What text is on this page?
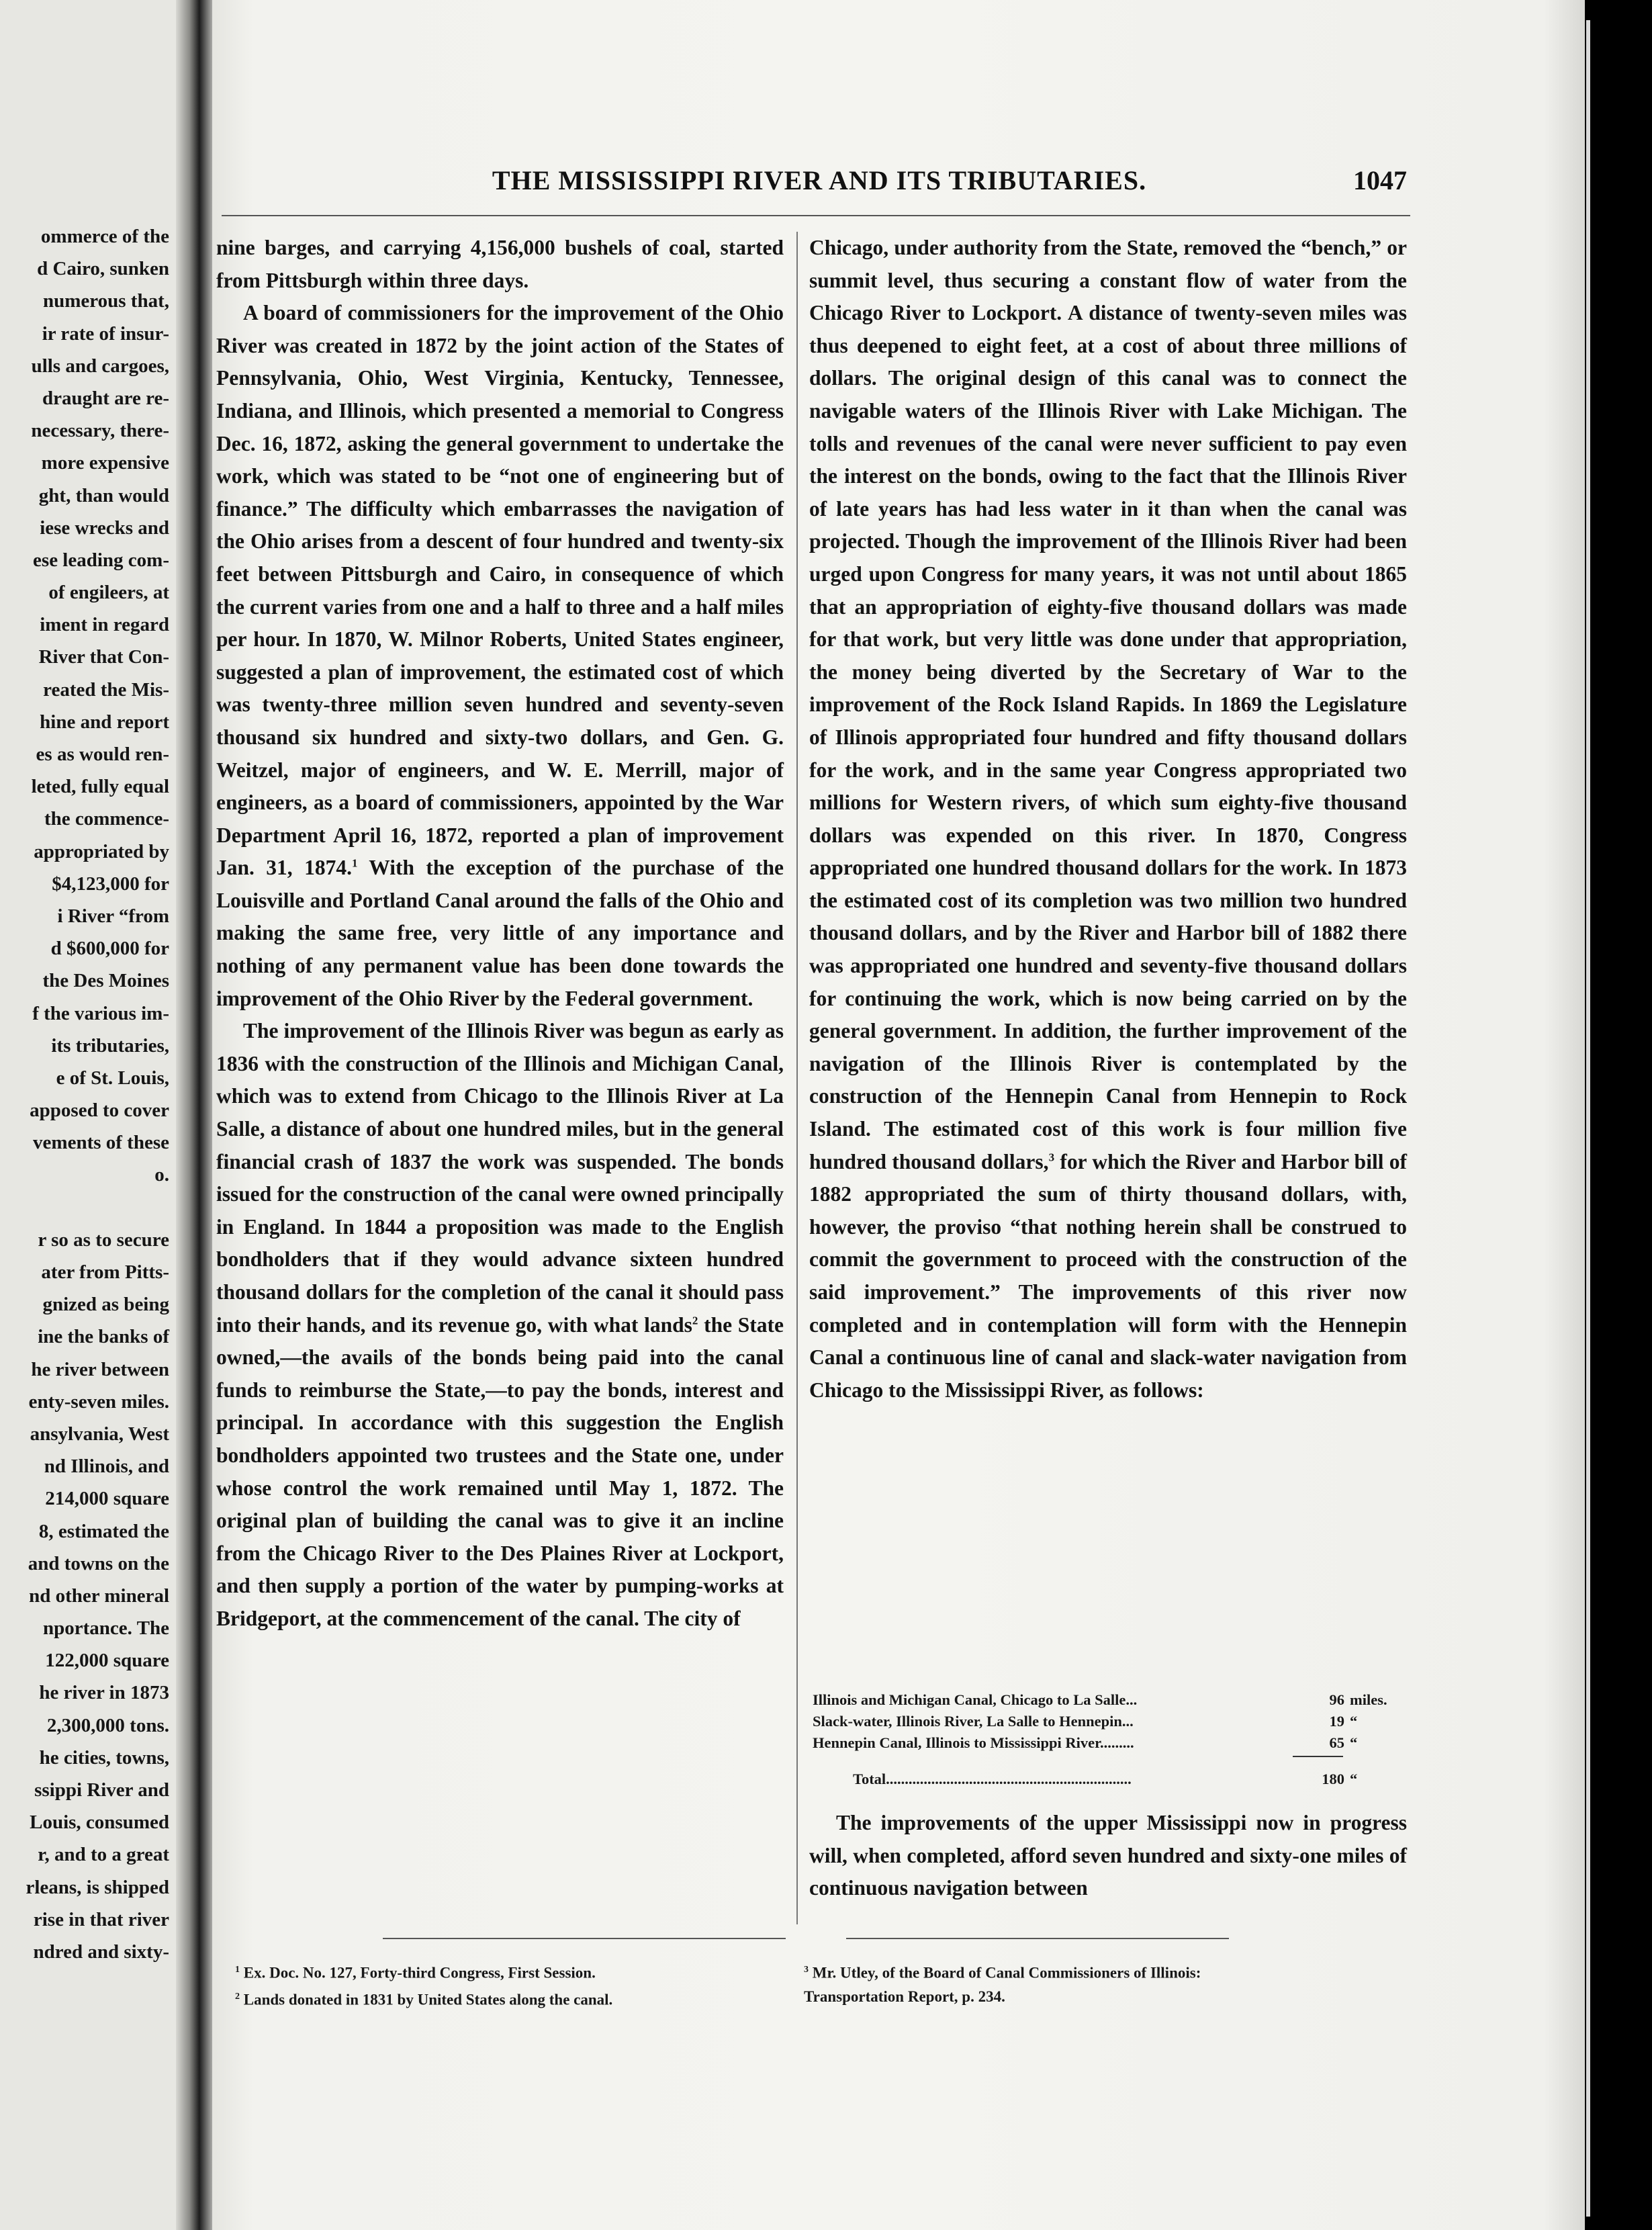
ommerce of the
d Cairo, sunken
numerous that,
ir rate of insur-
ulls and cargoes,
draught are re-
necessary, there-
more expensive
ght, than would
iese wrecks and
ese leading com-
of engileers, at
iment in regard
River that Con-
reated the Mis-
hine and report
es as would ren-
leted, fully equal
the commence-
appropriated by
$4,123,000 for
i River “from
d $600,000 for
the Des Moines
f the various im-
its tributaries,
e of St. Louis,
apposed to cover
vements of these
o.
r so as to secure
ater from Pitts-
gnized as being
ine the banks of
he river between
enty-seven miles.
ansylvania, West
nd Illinois, and
214,000 square
8, estimated the
and towns on the
nd other mineral
nportance. The
122,000 square
he river in 1873
2,300,000 tons.
he cities, towns,
ssippi River and
Louis, consumed
r, and to a great
rleans, is shipped
rise in that river
ndred and sixty-
THE MISSISSIPPI RIVER AND ITS TRIBUTARIES.	1047

nine barges, and carrying 4,156,000 bushels of coal, started from Pittsburgh within three days.

A board of commissioners for the improvement of the Ohio River was created in 1872 by the joint action of the States of Pennsylvania, Ohio, West Virginia, Kentucky, Tennessee, Indiana, and Illinois, which presented a memorial to Congress Dec. 16, 1872, asking the general government to undertake the work, which was stated to be “not one of engineering but of finance.” The difficulty which embarrasses the navigation of the Ohio arises from a descent of four hundred and twenty-six feet between Pittsburgh and Cairo, in consequence of which the current varies from one and a half to three and a half miles per hour. In 1870, W. Milnor Roberts, United States engineer, suggested a plan of improvement, the estimated cost of which was twenty-three million seven hundred and seventy-seven thousand six hundred and sixty-two dollars, and Gen. G. Weitzel, major of engineers, and W. E. Merrill, major of engineers, as a board of commissioners, appointed by the War Department April 16, 1872, reported a plan of improvement Jan. 31, 1874.$^1$ With the exception of the purchase of the Louisville and Portland Canal around the falls of the Ohio and making the same free, very little of any importance and nothing of any permanent value has been done towards the improvement of the Ohio River by the Federal government.

The improvement of the Illinois River was begun as early as 1836 with the construction of the Illinois and Michigan Canal, which was to extend from Chicago to the Illinois River at La Salle, a distance of about one hundred miles, but in the general financial crash of 1837 the work was suspended. The bonds issued for the construction of the canal were owned principally in England. In 1844 a proposition was made to the English bondholders that if they would advance sixteen hundred thousand dollars for the completion of the canal it should pass into their hands, and its revenue go, with what lands$^2$ the State owned,—the avails of the bonds being paid into the canal funds to reimburse the State,—to pay the bonds, interest and principal. In accordance with this suggestion the English bondholders appointed two trustees and the State one, under whose control the work remained until May 1, 1872. The original plan of building the canal was to give it an incline from the Chicago River to the Des Plaines River at Lockport, and then supply a portion of the water by pumping-works at Bridgeport, at the commencement of the canal. The city of

Chicago, under authority from the State, removed the “bench,” or summit level, thus securing a constant flow of water from the Chicago River to Lockport. A distance of twenty-seven miles was thus deepened to eight feet, at a cost of about three millions of dollars. The original design of this canal was to connect the navigable waters of the Illinois River with Lake Michigan. The tolls and revenues of the canal were never sufficient to pay even the interest on the bonds, owing to the fact that the Illinois River of late years has had less water in it than when the canal was projected. Though the improvement of the Illinois River had been urged upon Congress for many years, it was not until about 1865 that an appropriation of eighty-five thousand dollars was made for that work, but very little was done under that appropriation, the money being diverted by the Secretary of War to the improvement of the Rock Island Rapids. In 1869 the Legislature of Illinois appropriated four hundred and fifty thousand dollars for the work, and in the same year Congress appropriated two millions for Western rivers, of which sum eighty-five thousand dollars was expended on this river. In 1870, Congress appropriated one hundred thousand dollars for the work. In 1873 the estimated cost of its completion was two million two hundred thousand dollars, and by the River and Harbor bill of 1882 there was appropriated one hundred and seventy-five thousand dollars for continuing the work, which is now being carried on by the general government. In addition, the further improvement of the navigation of the Illinois River is contemplated by the construction of the Hennepin Canal from Hennepin to Rock Island. The estimated cost of this work is four million five hundred thousand dollars,$^3$ for which the River and Harbor bill of 1882 appropriated the sum of thirty thousand dollars, with, however, the proviso “that nothing herein shall be construed to commit the government to proceed with the construction of the said improvement.” The improvements of this river now completed and in contemplation will form with the Hennepin Canal a continuous line of canal and slack-water navigation from Chicago to the Mississippi River, as follows:

Illinois and Michigan Canal, Chicago to La Salle...	96	miles.
Slack-water, Illinois River, La Salle to Hennepin...	19	“
Hennepin Canal, Illinois to Mississippi River.........	65	“
Total.................................................................	180	“

The improvements of the upper Mississippi now in progress will, when completed, afford seven hundred and sixty-one miles of continuous navigation between

$^1$ Ex. Doc. No. 127, Forty-third Congress, First Session.
$^2$ Lands donated in 1831 by United States along the canal.
$^3$ Mr. Utley, of the Board of Canal Commissioners of Illinois:
Transportation Report, p. 234.
